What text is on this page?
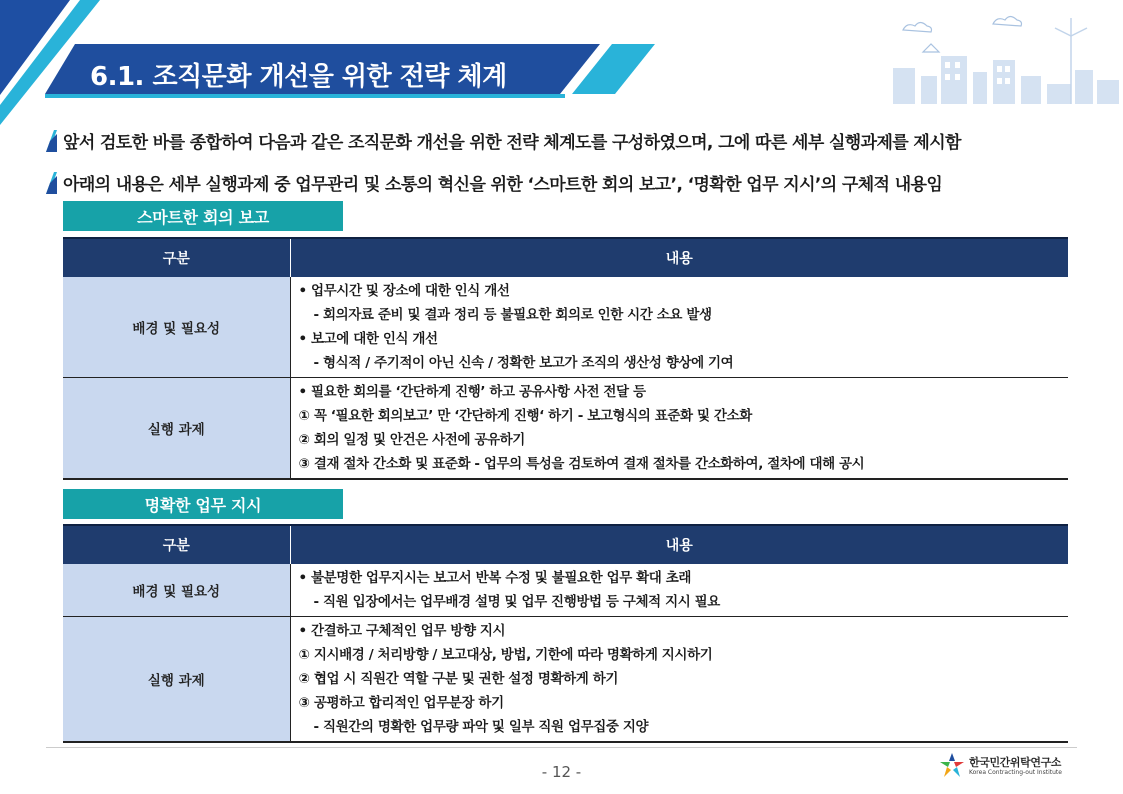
6.1. 조직문화 개선을 위한 전략 체계
앞서 검토한 바를 종합하여 다음과 같은 조직문화 개선을 위한 전략 체계도를 구성하였으며, 그에 따른 세부 실행과제를 제시함
아래의 내용은 세부 실행과제 중 업무관리 및 소통의 혁신을 위한 ‘스마트한 회의 보고’, ‘명확한 업무 지시’의 구체적 내용임
스마트한 회의 보고
구분	내용
배경 및 필요성	• 업무시간 및 장소에 대한 인식 개선
- 회의자료 준비 및 결과 정리 등 불필요한 회의로 인한 시간 소요 발생
• 보고에 대한 인식 개선
- 형식적 / 주기적이 아닌 신속 / 정확한 보고가 조직의 생산성 향상에 기여

실행 과제	• 필요한 회의를 ‘간단하게 진행’ 하고 공유사항 사전 전달 등
① 꼭 ‘필요한 회의보고’ 만 ‘간단하게 진행‘ 하기 - 보고형식의 표준화 및 간소화
② 회의 일정 및 안건은 사전에 공유하기
③ 결재 절차 간소화 및 표준화 - 업무의 특성을 검토하여 결재 절차를 간소화하여, 절차에 대해 공시
명확한 업무 지시
구분	내용
배경 및 필요성	• 불분명한 업무지시는 보고서 반복 수정 및 불필요한 업무 확대 초래
- 직원 입장에서는 업무배경 설명 및 업무 진행방법 등 구체적 지시 필요

실행 과제	• 간결하고 구체적인 업무 방향 지시
① 지시배경 / 처리방향 / 보고대상, 방법, 기한에 따라 명확하게 지시하기
② 협업 시 직원간 역할 구분 및 권한 설정 명확하게 하기
③ 공평하고 합리적인 업무분장 하기
- 직원간의 명확한 업무량 파악 및 일부 직원 업무집중 지양
- 12 -
한국민간위탁연구소
Korea Contracting-out Institute
